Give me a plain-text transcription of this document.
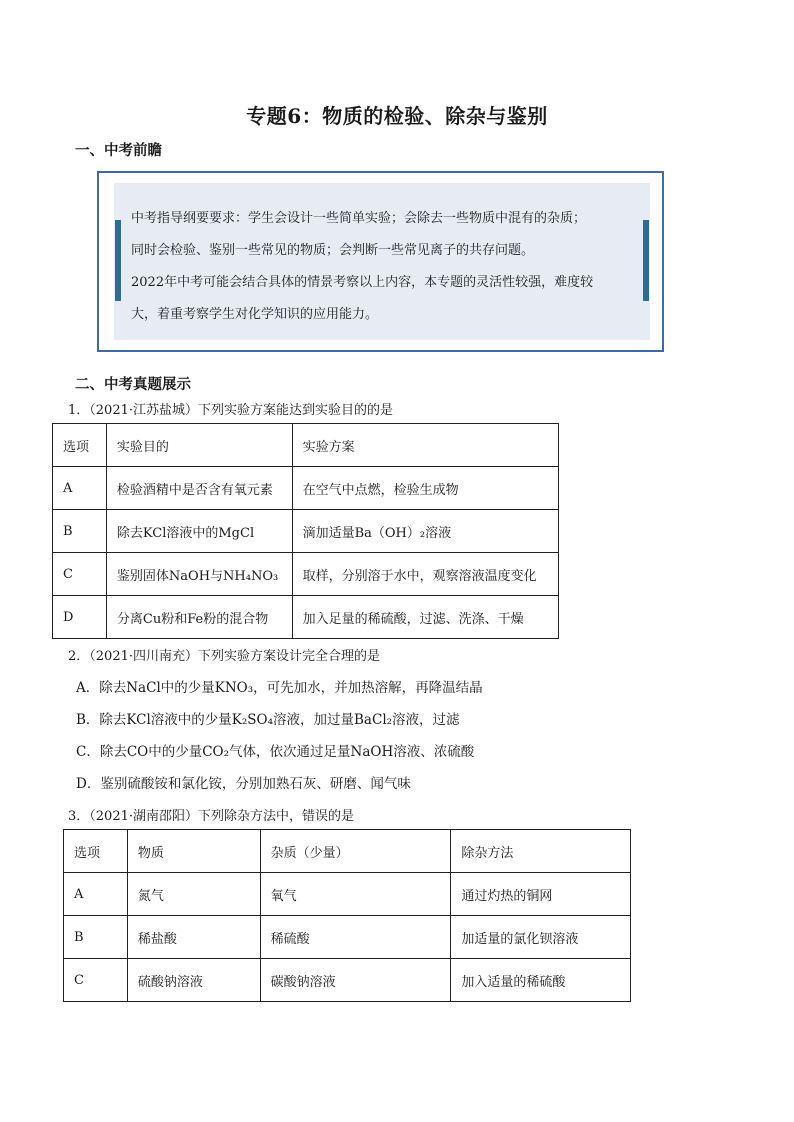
专题6：物质的检验、除杂与鉴别
一、中考前瞻

中考指导纲要要求：学生会设计一些简单实验；会除去一些物质中混有的杂质；

同时会检验、鉴别一些常见的物质；会判断一些常见离子的共存问题。

2022年中考可能会结合具体的情景考察以上内容，本专题的灵活性较强，难度较

大，着重考察学生对化学知识的应用能力。

二、中考真题展示
1．（2021·江苏盐城）下列实验方案能达到实验目的的是
选项	实验目的	实验方案
A	检验酒精中是否含有氧元素	在空气中点燃，检验生成物
B	除去KCl溶液中的MgCl	滴加适量Ba（OH）₂溶液
C	鉴别固体NaOH与NH₄NO₃	取样，分别溶于水中，观察溶液温度变化
D	分离Cu粉和Fe粉的混合物	加入足量的稀硫酸，过滤、洗涤、干燥
2．（2021·四川南充）下列实验方案设计完全合理的是
A．除去NaCl中的少量KNO₃，可先加水，并加热溶解，再降温结晶
B．除去KCl溶液中的少量K₂SO₄溶液，加过量BaCl₂溶液，过滤
C．除去CO中的少量CO₂气体，依次通过足量NaOH溶液、浓硫酸
D．鉴别硫酸铵和氯化铵，分别加熟石灰、研磨、闻气味
3．（2021·湖南邵阳）下列除杂方法中，错误的是
选项	物质	杂质（少量）	除杂方法
A	氮气	氧气	通过灼热的铜网
B	稀盐酸	稀硫酸	加适量的氯化钡溶液
C	硫酸钠溶液	碳酸钠溶液	加入适量的稀硫酸
